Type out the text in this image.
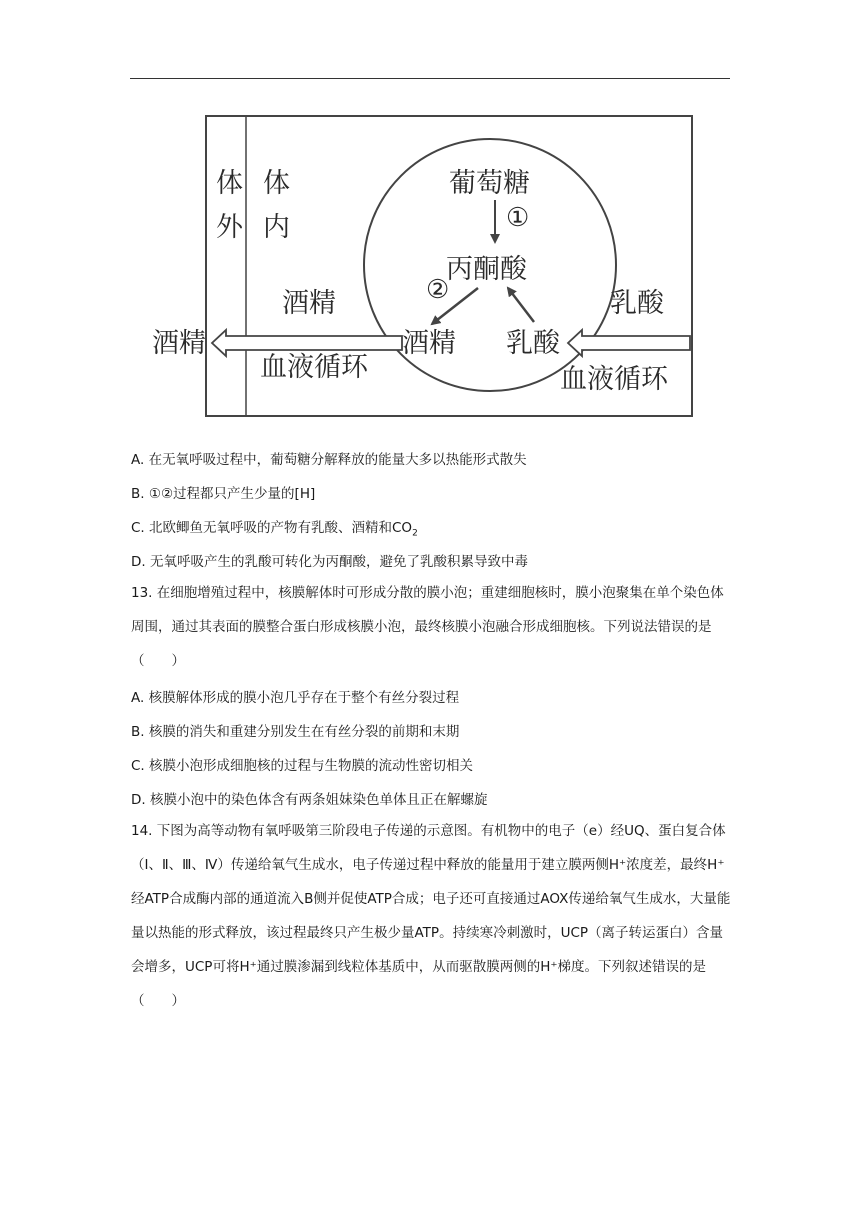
体
外
体
内
葡萄糖
①
丙酮酸
②
酒精 乳酸
酒精
酒精
乳酸
血液循环	血液循环
A. 在无氧呼吸过程中，葡萄糖分解释放的能量大多以热能形式散失
B. ①②过程都只产生少量的[H]
C. 北欧鲫鱼无氧呼吸的产物有乳酸、酒精和$CO_2$
D. 无氧呼吸产生的乳酸可转化为丙酮酸，避免了乳酸积累导致中毒
13. 在细胞增殖过程中，核膜解体时可形成分散的膜小泡；重建细胞核时，膜小泡聚集在单个染色体周围，通过其表面的膜整合蛋白形成核膜小泡，最终核膜小泡融合形成细胞核。下列说法错误的是（　　）
A. 核膜解体形成的膜小泡几乎存在于整个有丝分裂过程
B. 核膜的消失和重建分别发生在有丝分裂的前期和末期
C. 核膜小泡形成细胞核的过程与生物膜的流动性密切相关
D. 核膜小泡中的染色体含有两条姐妹染色单体且正在解螺旋
14. 下图为高等动物有氧呼吸第三阶段电子传递的示意图。有机物中的电子（e）经UQ、蛋白复合体（I、Ⅱ、Ⅲ、Ⅳ）传递给氧气生成水，电子传递过程中释放的能量用于建立膜两侧H⁺浓度差，最终H⁺经ATP合成酶内部的通道流入B侧并促使ATP合成；电子还可直接通过AOX传递给氧气生成水，大量能量以热能的形式释放，该过程最终只产生极少量ATP。持续寒冷刺激时，UCP（离子转运蛋白）含量会增多，UCP可将H⁺通过膜渗漏到线粒体基质中，从而驱散膜两侧的H⁺梯度。下列叙述错误的是（　　）
